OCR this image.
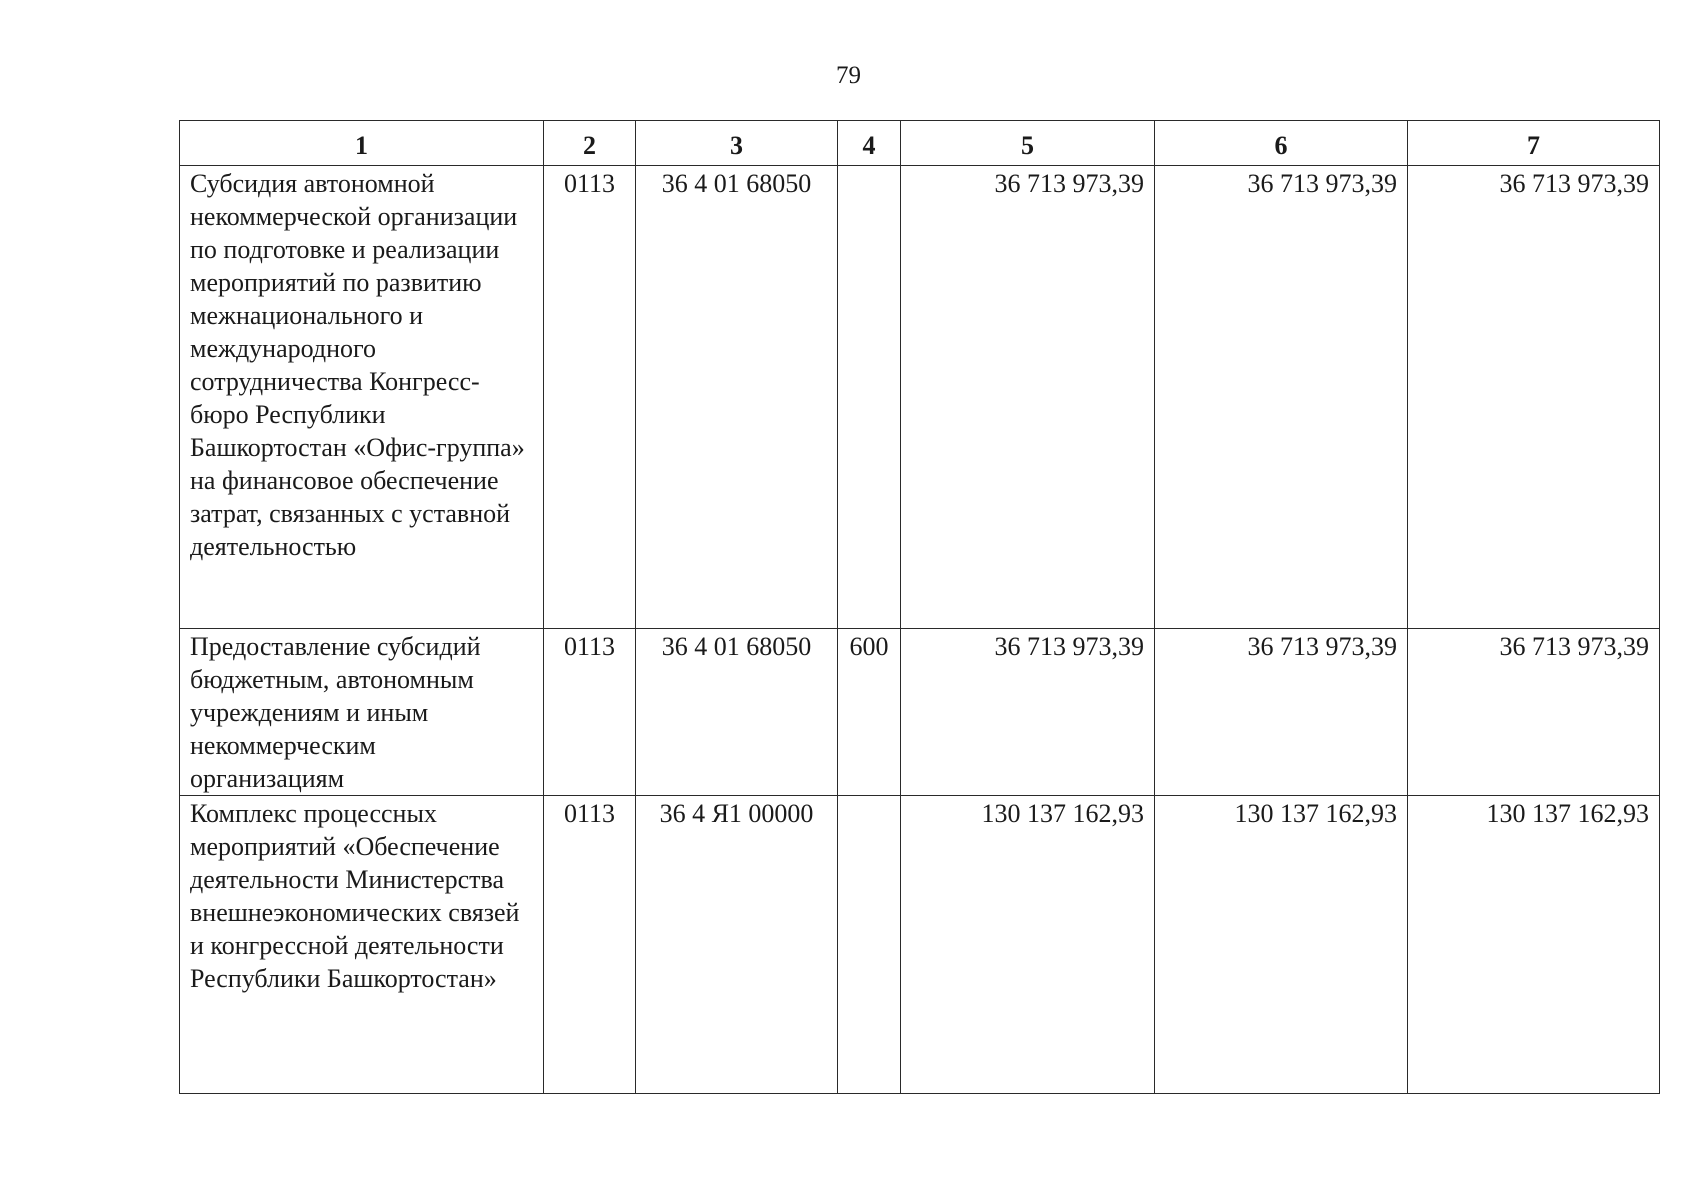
79
1	2	3	4	5	6	7
Субсидия автономной некоммерческой организации по подготовке и реализации мероприятий по развитию межнационального и международного сотрудничества Конгресс-бюро Республики Башкортостан «Офис-группа» на финансовое обеспечение затрат, связанных с уставной деятельностью	0113	36 4 01 68050		36 713 973,39	36 713 973,39	36 713 973,39
Предоставление субсидий бюджетным, автономным учреждениям и иным некоммерческим организациям	0113	36 4 01 68050	600	36 713 973,39	36 713 973,39	36 713 973,39
Комплекс процессных мероприятий «Обеспечение деятельности Министерства внешнеэкономических связей и конгрессной деятельности Республики Башкортостан»	0113	36 4 Я1 00000		130 137 162,93	130 137 162,93	130 137 162,93
